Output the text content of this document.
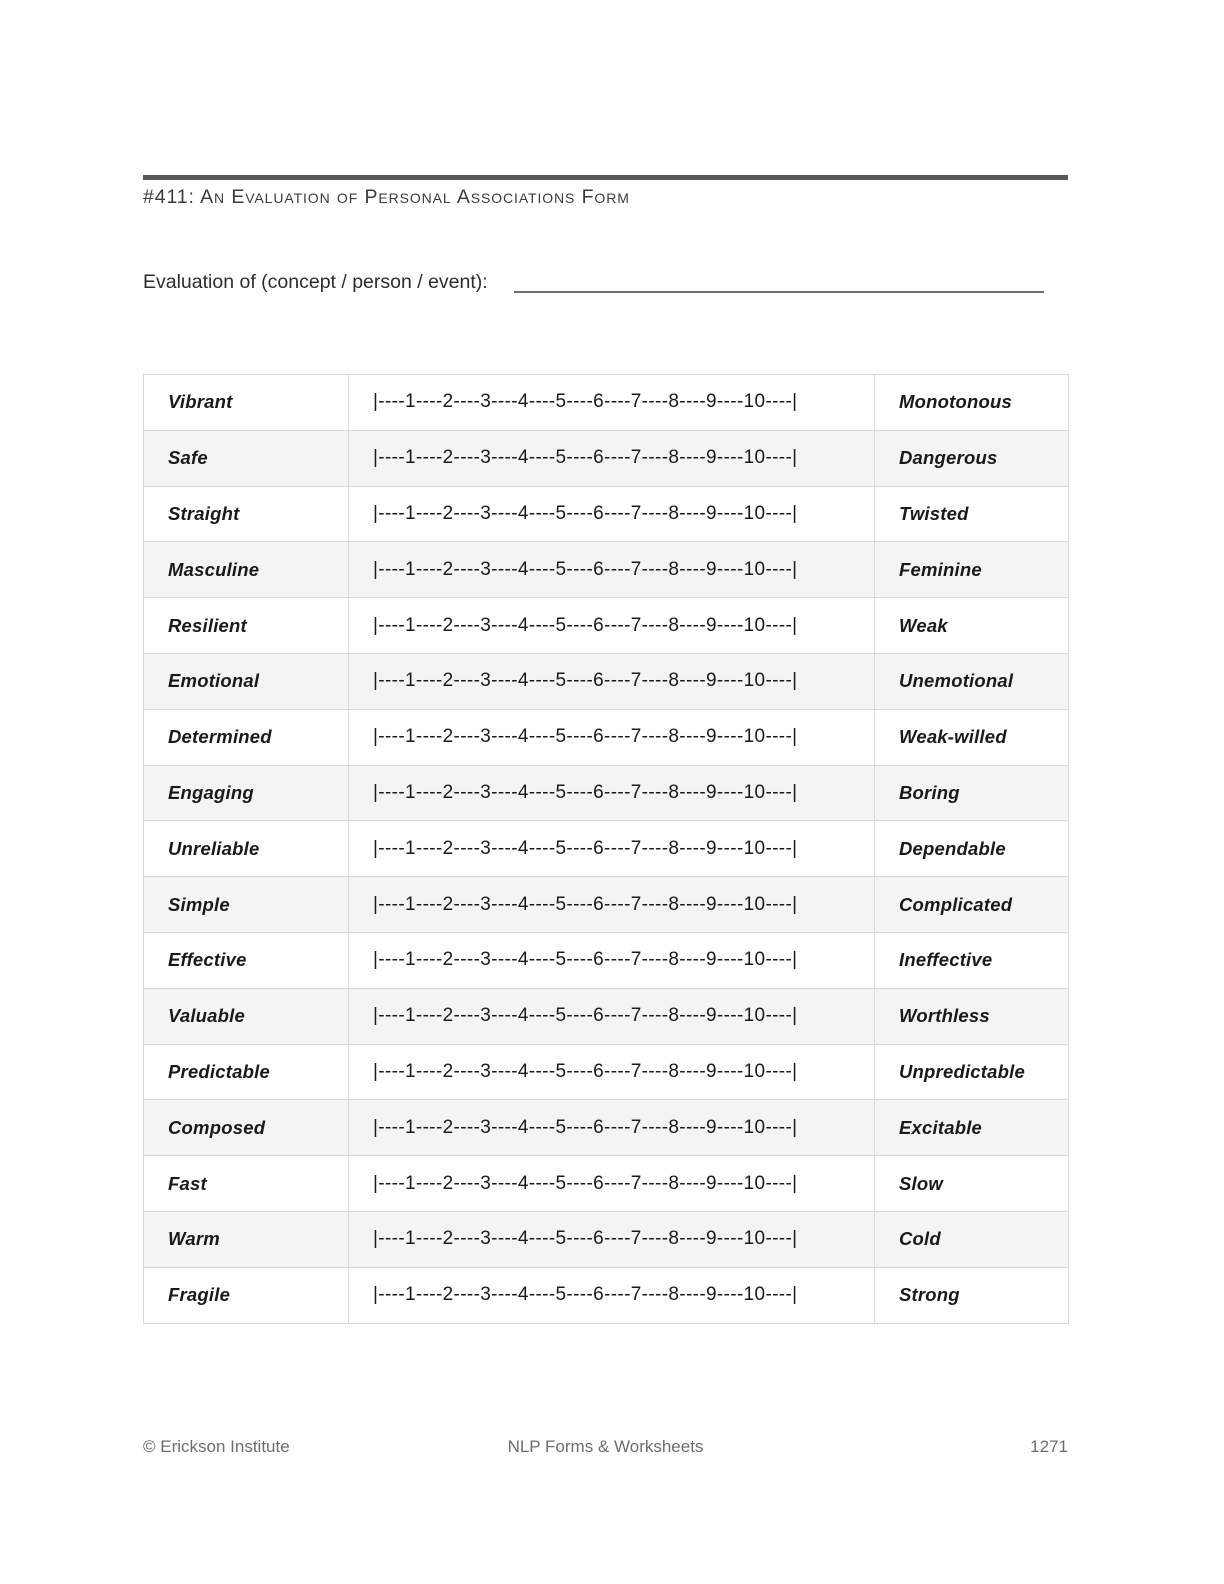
#411: An Evaluation of Personal Associations Form
Evaluation of (concept / person / event):
Vibrant	|----1----2----3----4----5----6----7----8----9----10----|	Monotonous
Safe	|----1----2----3----4----5----6----7----8----9----10----|	Dangerous
Straight	|----1----2----3----4----5----6----7----8----9----10----|	Twisted
Masculine	|----1----2----3----4----5----6----7----8----9----10----|	Feminine
Resilient	|----1----2----3----4----5----6----7----8----9----10----|	Weak
Emotional	|----1----2----3----4----5----6----7----8----9----10----|	Unemotional
Determined	|----1----2----3----4----5----6----7----8----9----10----|	Weak-willed
Engaging	|----1----2----3----4----5----6----7----8----9----10----|	Boring
Unreliable	|----1----2----3----4----5----6----7----8----9----10----|	Dependable
Simple	|----1----2----3----4----5----6----7----8----9----10----|	Complicated
Effective	|----1----2----3----4----5----6----7----8----9----10----|	Ineffective
Valuable	|----1----2----3----4----5----6----7----8----9----10----|	Worthless
Predictable	|----1----2----3----4----5----6----7----8----9----10----|	Unpredictable
Composed	|----1----2----3----4----5----6----7----8----9----10----|	Excitable
Fast	|----1----2----3----4----5----6----7----8----9----10----|	Slow
Warm	|----1----2----3----4----5----6----7----8----9----10----|	Cold
Fragile	|----1----2----3----4----5----6----7----8----9----10----|	Strong
© Erickson Institute	NLP Forms & Worksheets	1271
